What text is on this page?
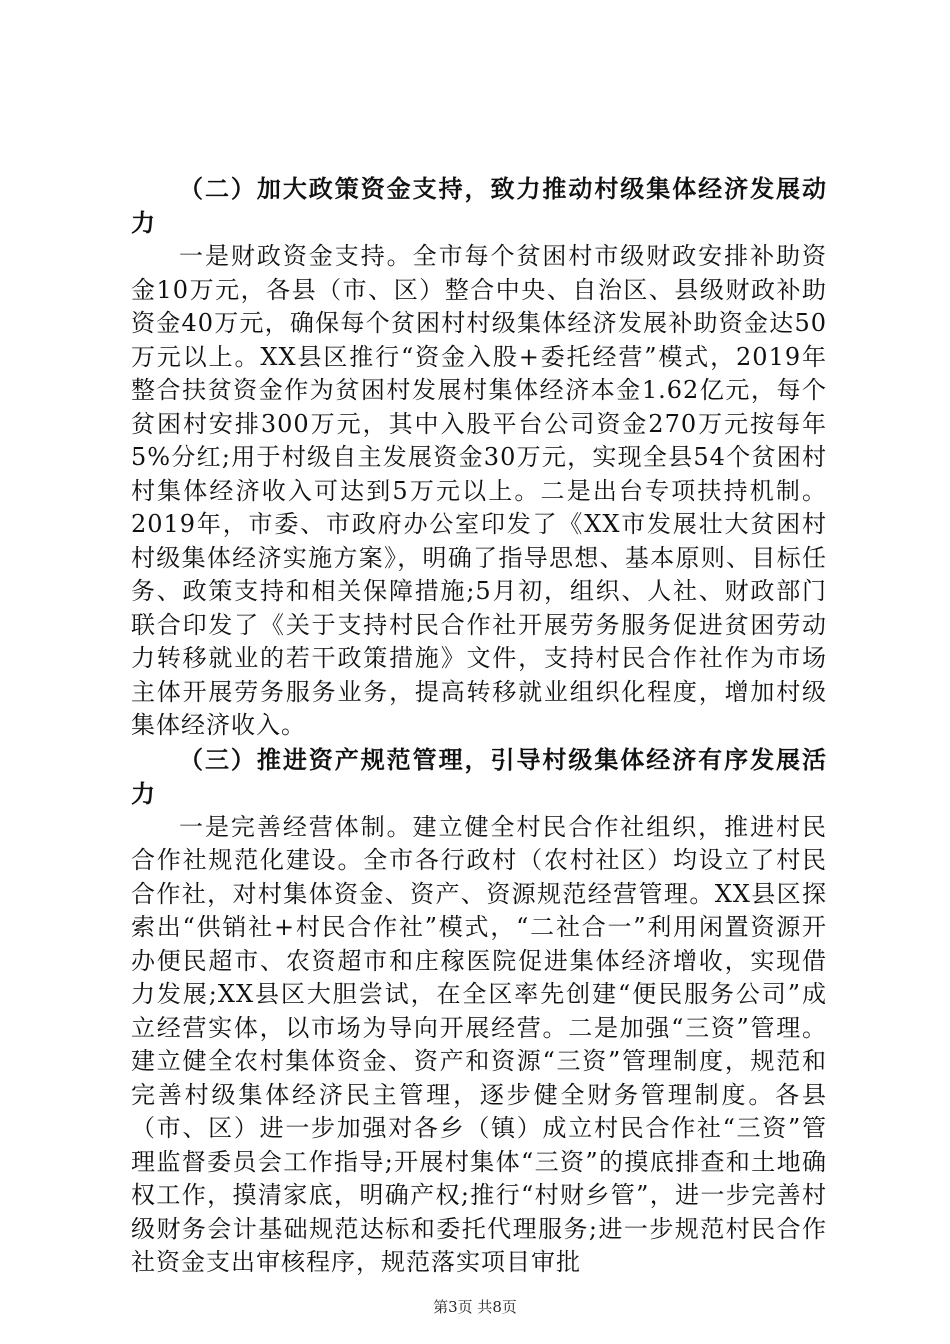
（二）加大政策资金支持，致力推动村级集体经济发展动力

一是财政资金支持。全市每个贫困村市级财政安排补助资金10万元，各县（市、区）整合中央、自治区、县级财政补助资金40万元，确保每个贫困村村级集体经济发展补助资金达50万元以上。XX县区推行“资金入股+委托经营”模式，2019年整合扶贫资金作为贫困村发展村集体经济本金1.62亿元，每个贫困村安排300万元，其中入股平台公司资金270万元按每年5%分红;用于村级自主发展资金30万元，实现全县54个贫困村村集体经济收入可达到5万元以上。二是出台专项扶持机制。2019年，市委、市政府办公室印发了《XX市发展壮大贫困村村级集体经济实施方案》，明确了指导思想、基本原则、目标任务、政策支持和相关保障措施;5月初，组织、人社、财政部门联合印发了《关于支持村民合作社开展劳务服务促进贫困劳动力转移就业的若干政策措施》文件，支持村民合作社作为市场主体开展劳务服务业务，提高转移就业组织化程度，增加村级集体经济收入。

（三）推进资产规范管理，引导村级集体经济有序发展活力

一是完善经营体制。建立健全村民合作社组织，推进村民合作社规范化建设。全市各行政村（农村社区）均设立了村民合作社，对村集体资金、资产、资源规范经营管理。XX县区探索出“供销社+村民合作社”模式，“二社合一”利用闲置资源开办便民超市、农资超市和庄稼医院促进集体经济增收，实现借力发展;XX县区大胆尝试，在全区率先创建“便民服务公司”成立经营实体，以市场为导向开展经营。二是加强“三资”管理。建立健全农村集体资金、资产和资源“三资”管理制度，规范和完善村级集体经济民主管理，逐步健全财务管理制度。各县（市、区）进一步加强对各乡（镇）成立村民合作社“三资”管理监督委员会工作指导;开展村集体“三资”的摸底排查和土地确权工作，摸清家底，明确产权;推行“村财乡管”，进一步完善村级财务会计基础规范达标和委托代理服务;进一步规范村民合作社资金支出审核程序，规范落实项目审批

第3页 共8页
